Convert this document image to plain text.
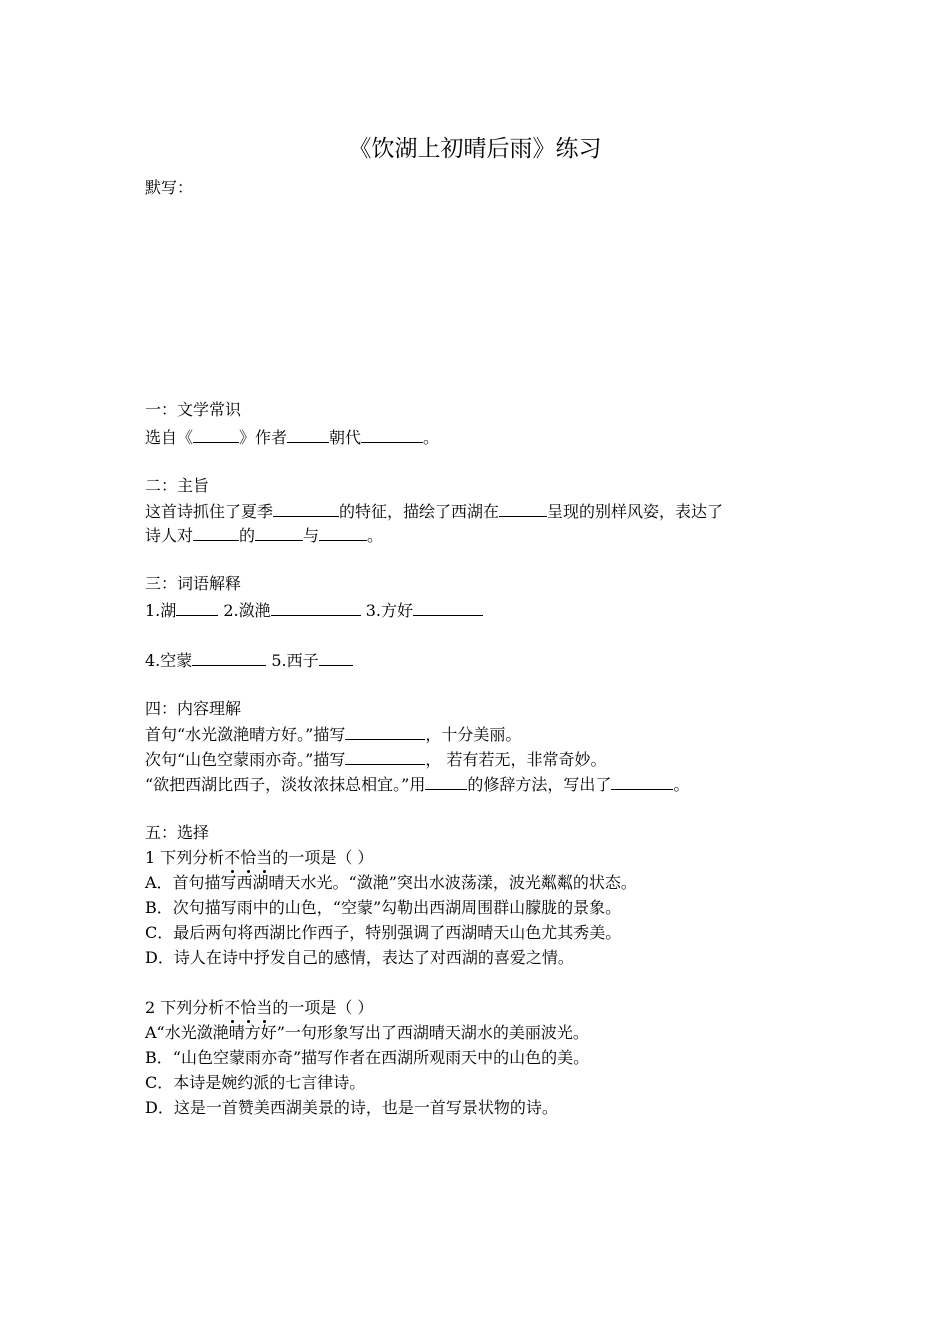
《饮湖上初晴后雨》练习
默写：
一：文学常识
选自《	》作者	朝代	。
二：主旨
这首诗抓住了夏季	的特征，描绘了西湖在	呈现的别样风姿，表达了
诗人对	的	与	。
三：词语解释
1.湖	2.潋滟	3.方好
4.空蒙	5.西子
四：内容理解
首句“水光潋滟晴方好。”描写	，十分美丽。
次句“山色空蒙雨亦奇。”描写	， 若有若无，非常奇妙。
“欲把西湖比西子，淡妆浓抹总相宜。”用	的修辞方法，写出了	。
五：选择
1 下列分析不恰当的一项是（ ）
A．首句描写西湖晴天水光。“潋滟”突出水波荡漾，波光粼粼的状态。
B．次句描写雨中的山色，“空蒙”勾勒出西湖周围群山朦胧的景象。
C．最后两句将西湖比作西子，特别强调了西湖晴天山色尤其秀美。
D．诗人在诗中抒发自己的感情，表达了对西湖的喜爱之情。
2 下列分析不恰当的一项是（ ）
A“水光潋滟晴方好”一句形象写出了西湖晴天湖水的美丽波光。
B．“山色空蒙雨亦奇”描写作者在西湖所观雨天中的山色的美。
C．本诗是婉约派的七言律诗。
D．这是一首赞美西湖美景的诗，也是一首写景状物的诗。
